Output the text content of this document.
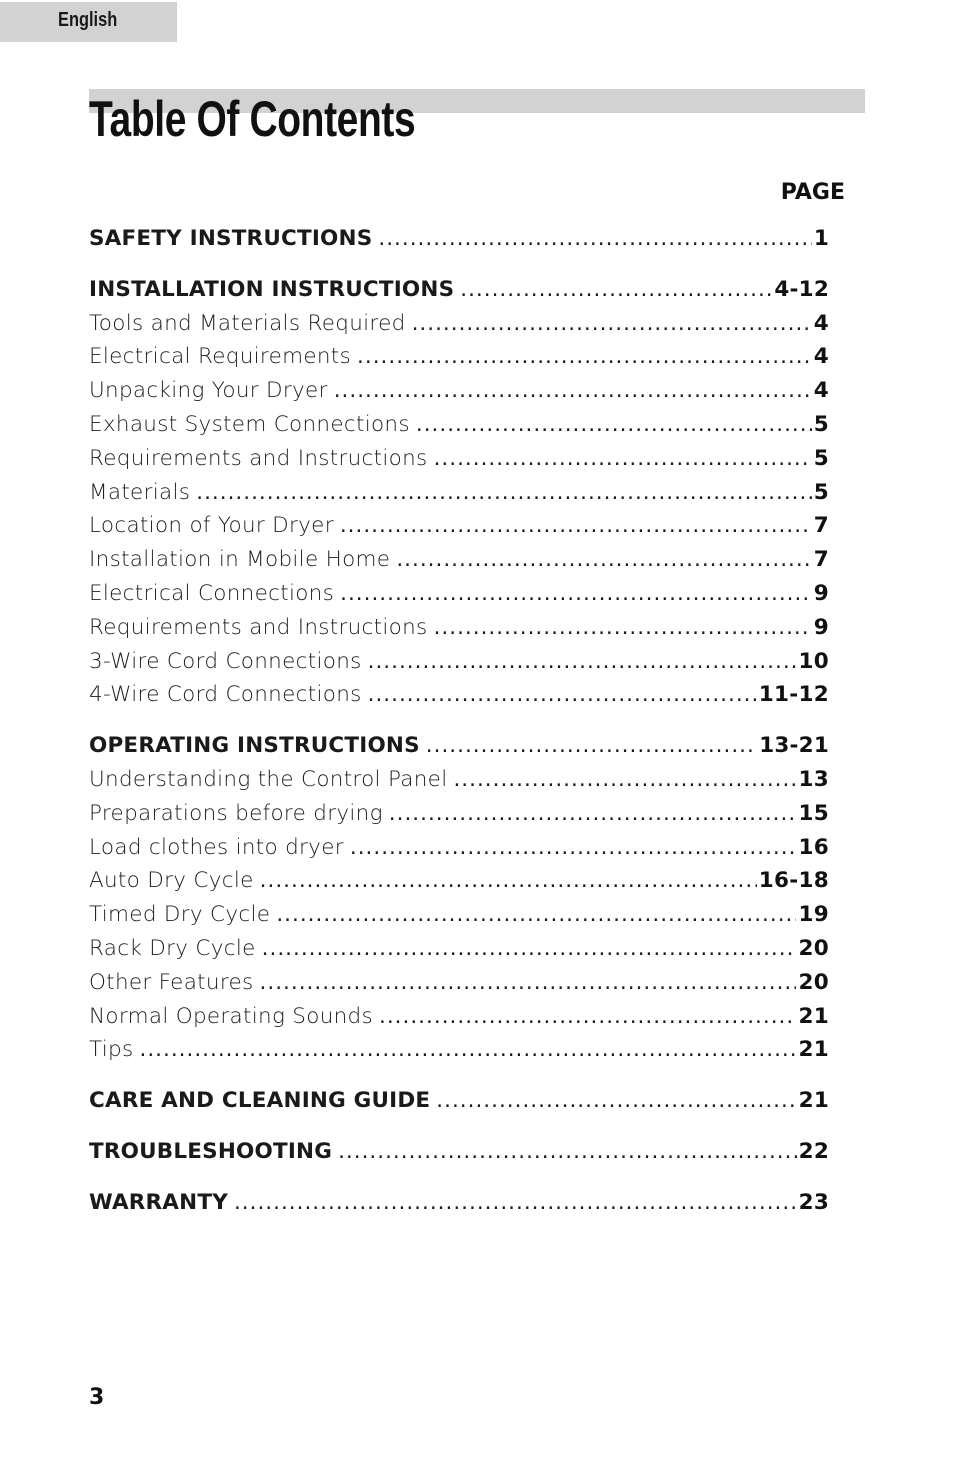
English
Table Of Contents
PAGE
SAFETY INSTRUCTIONS .....	1
INSTALLATION INSTRUCTIONS .....	4-12
Tools and Materials Required .....	4
Electrical Requirements .....	4
Unpacking Your Dryer .....	4
Exhaust System Connections .....	5
Requirements and Instructions .....	5
Materials .....	5
Location of Your Dryer .....	7
Installation in Mobile Home .....	7
Electrical Connections .....	9
Requirements and Instructions .....	9
3-Wire Cord Connections .....	10
4-Wire Cord Connections .....	11-12
OPERATING INSTRUCTIONS .....	13-21
Understanding the Control Panel .....	13
Preparations before drying .....	15
Load clothes into dryer .....	16
Auto Dry Cycle .....	16-18
Timed Dry Cycle .....	19
Rack Dry Cycle .....	20
Other Features .....	20
Normal Operating Sounds .....	21
Tips .....	21
CARE AND CLEANING GUIDE .....	21
TROUBLESHOOTING .....	22
WARRANTY .....	23
3
